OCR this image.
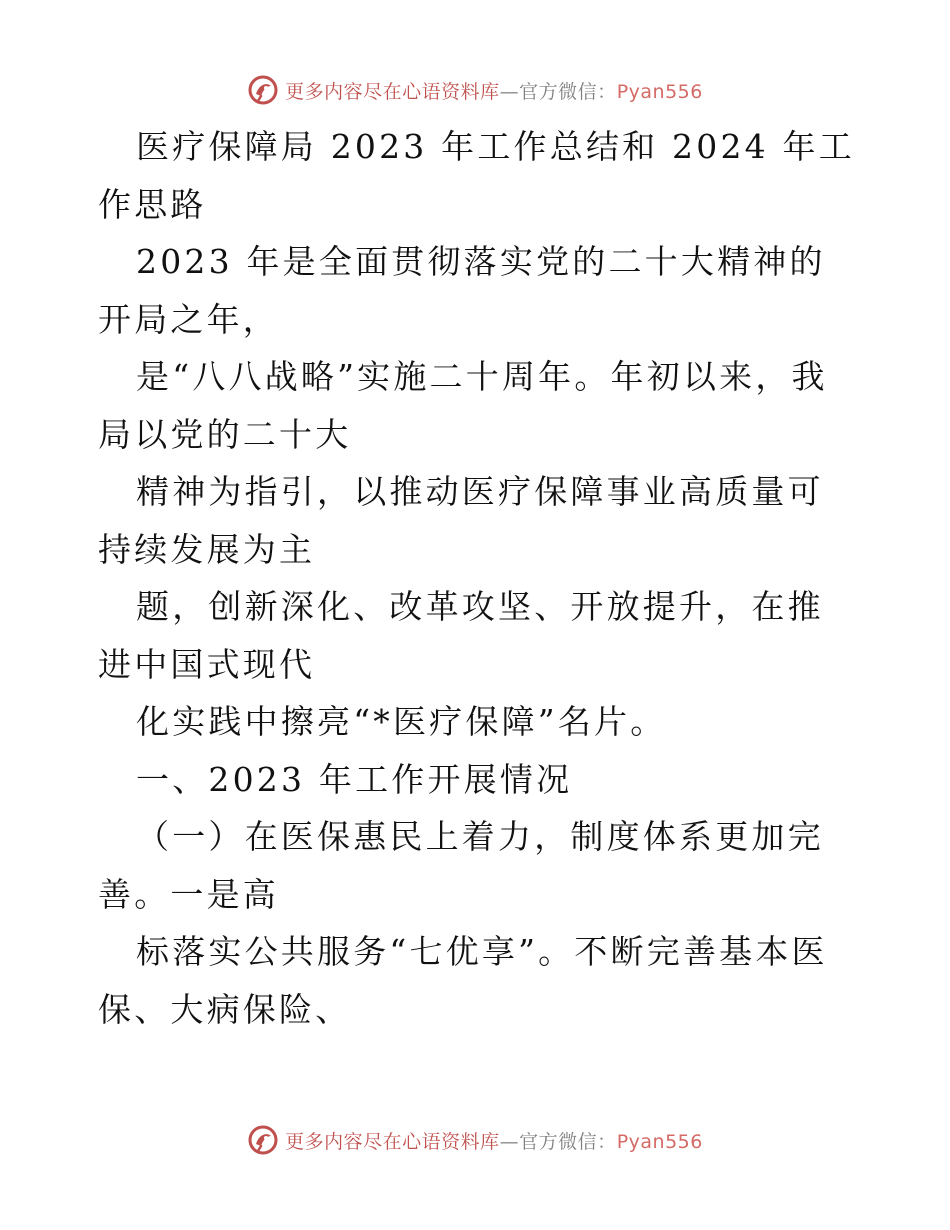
更多内容尽在心语资料库—官方微信：Pyan556

医疗保障局 2023 年工作总结和 2024 年工作思路

2023 年是全面贯彻落实党的二十大精神的开局之年，

是“八八战略”实施二十周年。年初以来，我局以党的二十大

精神为指引，以推动医疗保障事业高质量可持续发展为主

题，创新深化、改革攻坚、开放提升，在推进中国式现代

化实践中擦亮“*医疗保障”名片。

一、2023 年工作开展情况

（一）在医保惠民上着力，制度体系更加完善。一是高

标落实公共服务“七优享”。不断完善基本医保、大病保险、

更多内容尽在心语资料库—官方微信：Pyan556
